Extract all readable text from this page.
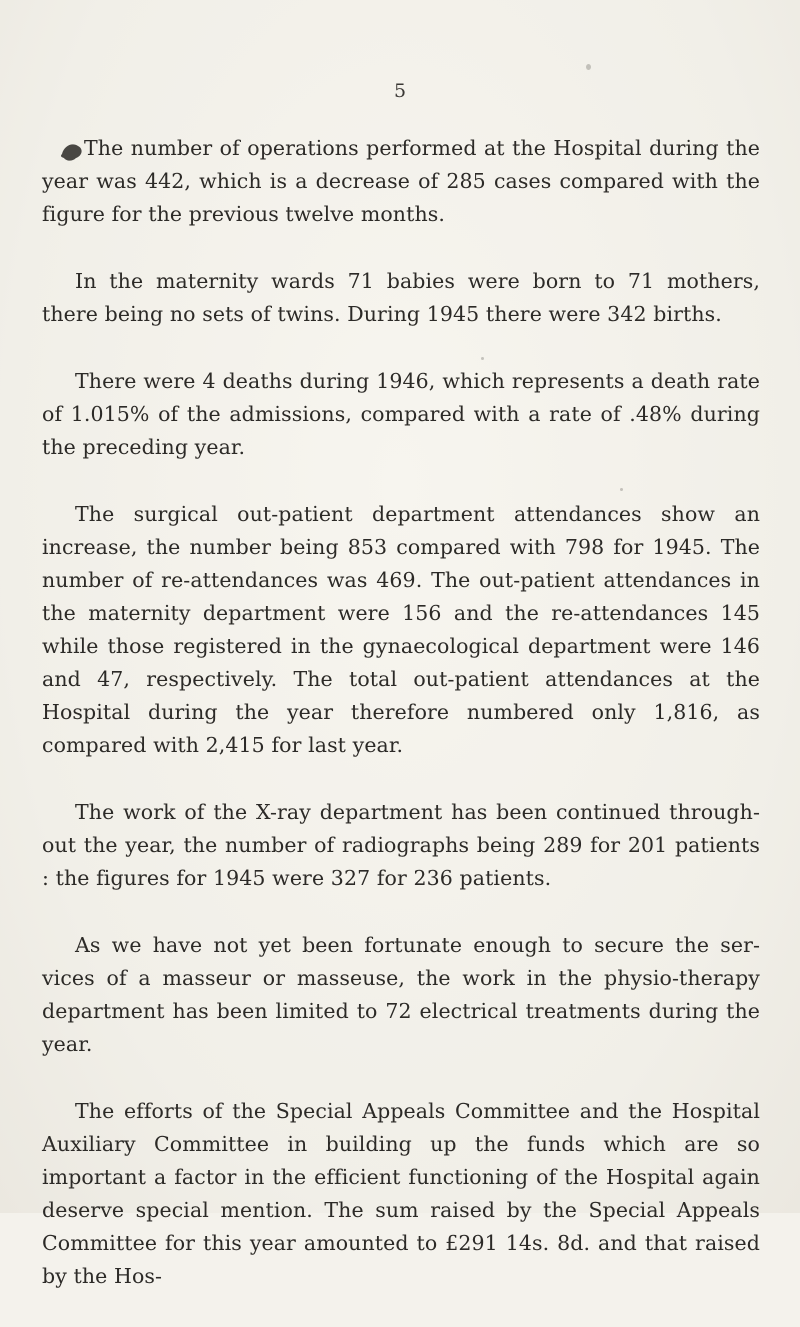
5

The number of operations performed at the Hospital during the year was 442, which is a decrease of 285 cases compared with the figure for the previous twelve months.

In the maternity wards 71 babies were born to 71 mothers, there being no sets of twins. During 1945 there were 342 births.

There were 4 deaths during 1946, which represents a death rate of 1.015% of the admissions, compared with a rate of .48% during the preceding year.

The surgical out-patient department attendances show an increase, the number being 853 compared with 798 for 1945. The number of re-attendances was 469. The out-patient attendances in the maternity department were 156 and the re-attendances 145 while those registered in the gynaecological department were 146 and 47, respectively. The total out-patient attendances at the Hospital during the year therefore numbered only 1,816, as compared with 2,415 for last year.

The work of the X-ray department has been continued through- out the year, the number of radiographs being 289 for 201 patients : the figures for 1945 were 327 for 236 patients.

As we have not yet been fortunate enough to secure the ser- vices of a masseur or masseuse, the work in the physio-therapy department has been limited to 72 electrical treatments during the year.

The efforts of the Special Appeals Committee and the Hospital Auxiliary Committee in building up the funds which are so important a factor in the efficient functioning of the Hospital again deserve special mention. The sum raised by the Special Appeals Committee for this year amounted to £291 14s. 8d. and that raised by the Hos-
